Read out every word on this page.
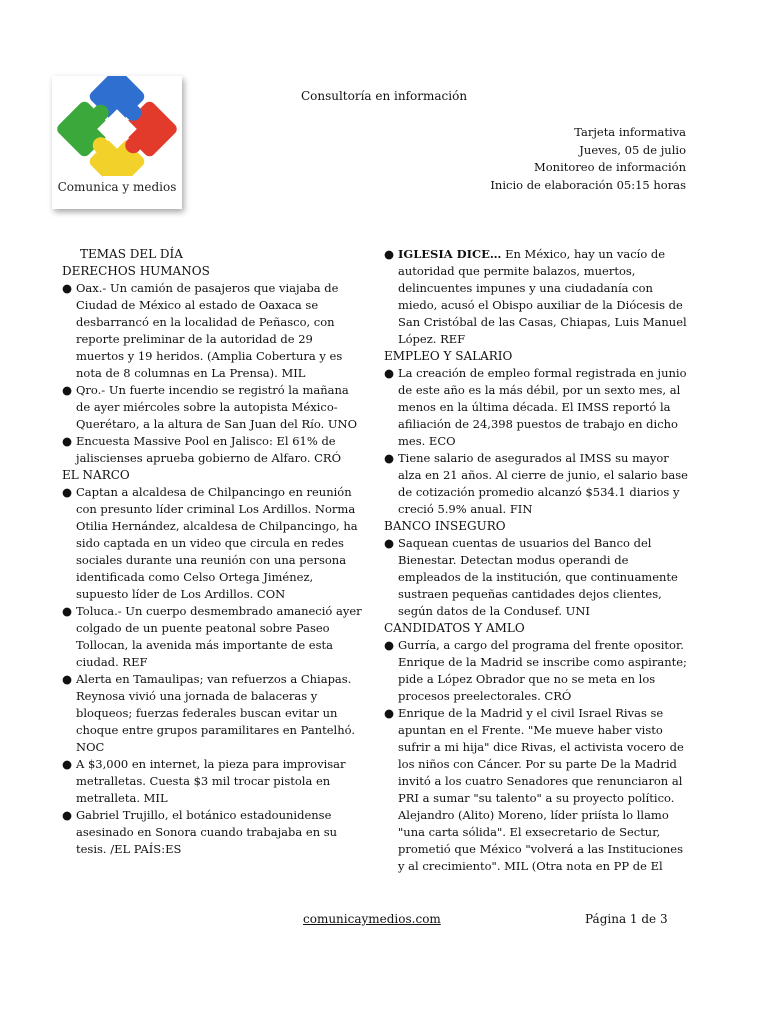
Comunica y medios
Consultoría en información
Tarjeta informativa
Jueves, 05 de julio
Monitoreo de información
Inicio de elaboración 05:15 horas

TEMAS DEL DÍA

DERECHOS HUMANOS

● Oax.- Un camión de pasajeros que viajaba de Ciudad de México al estado de Oaxaca se desbarrancó en la localidad de Peñasco, con reporte preliminar de la autoridad de 29 muertos y 19 heridos. (Amplia Cobertura y es nota de 8 columnas en La Prensa). MIL
● Qro.- Un fuerte incendio se registró la mañana de ayer miércoles sobre la autopista México-Querétaro, a la altura de San Juan del Río. UNO
● Encuesta Massive Pool en Jalisco: El 61% de jaliscienses aprueba gobierno de Alfaro. CRÓ

EL NARCO

● Captan a alcaldesa de Chilpancingo en reunión con presunto líder criminal Los Ardillos. Norma Otilia Hernández, alcaldesa de Chilpancingo, ha sido captada en un video que circula en redes sociales durante una reunión con una persona identificada como Celso Ortega Jiménez, supuesto líder de Los Ardillos. CON
● Toluca.- Un cuerpo desmembrado amaneció ayer colgado de un puente peatonal sobre Paseo Tollocan, la avenida más importante de esta ciudad. REF
● Alerta en Tamaulipas; van refuerzos a Chiapas. Reynosa vivió una jornada de balaceras y bloqueos; fuerzas federales buscan evitar un choque entre grupos paramilitares en Pantelhó. NOC
● A $3,000 en internet, la pieza para improvisar metralletas. Cuesta $3 mil trocar pistola en metralleta. MIL
● Gabriel Trujillo, el botánico estadounidense asesinado en Sonora cuando trabajaba en su tesis. /EL PAÍS:ES
● IGLESIA DICE… En México, hay un vacío de autoridad que permite balazos, muertos, delincuentes impunes y una ciudadanía con miedo, acusó el Obispo auxiliar de la Diócesis de San Cristóbal de las Casas, Chiapas, Luis Manuel López. REF

EMPLEO Y SALARIO

● La creación de empleo formal registrada en junio de este año es la más débil, por un sexto mes, al menos en la última década. El IMSS reportó la afiliación de 24,398 puestos de trabajo en dicho mes. ECO
● Tiene salario de asegurados al IMSS su mayor alza en 21 años. Al cierre de junio, el salario base de cotización promedio alcanzó $534.1 diarios y creció 5.9% anual. FIN

BANCO INSEGURO

● Saquean cuentas de usuarios del Banco del Bienestar. Detectan modus operandi de empleados de la institución, que continuamente sustraen pequeñas cantidades dejos clientes, según datos de la Condusef. UNI

CANDIDATOS Y AMLO

● Gurría, a cargo del programa del frente opositor. Enrique de la Madrid se inscribe como aspirante; pide a López Obrador que no se meta en los procesos preelectorales. CRÓ
● Enrique de la Madrid y el civil Israel Rivas se apuntan en el Frente. "Me mueve haber visto sufrir a mi hija" dice Rivas, el activista vocero de los niños con Cáncer. Por su parte De la Madrid invitó a los cuatro Senadores que renunciaron al PRI a sumar "su talento" a su proyecto político. Alejandro (Alito) Moreno, líder priísta lo llamo "una carta sólida". El exsecretario de Sectur, prometió que México "volverá a las Instituciones y al crecimiento". MIL (Otra nota en PP de El
comunicaymedios.com	Página 1 de 3
